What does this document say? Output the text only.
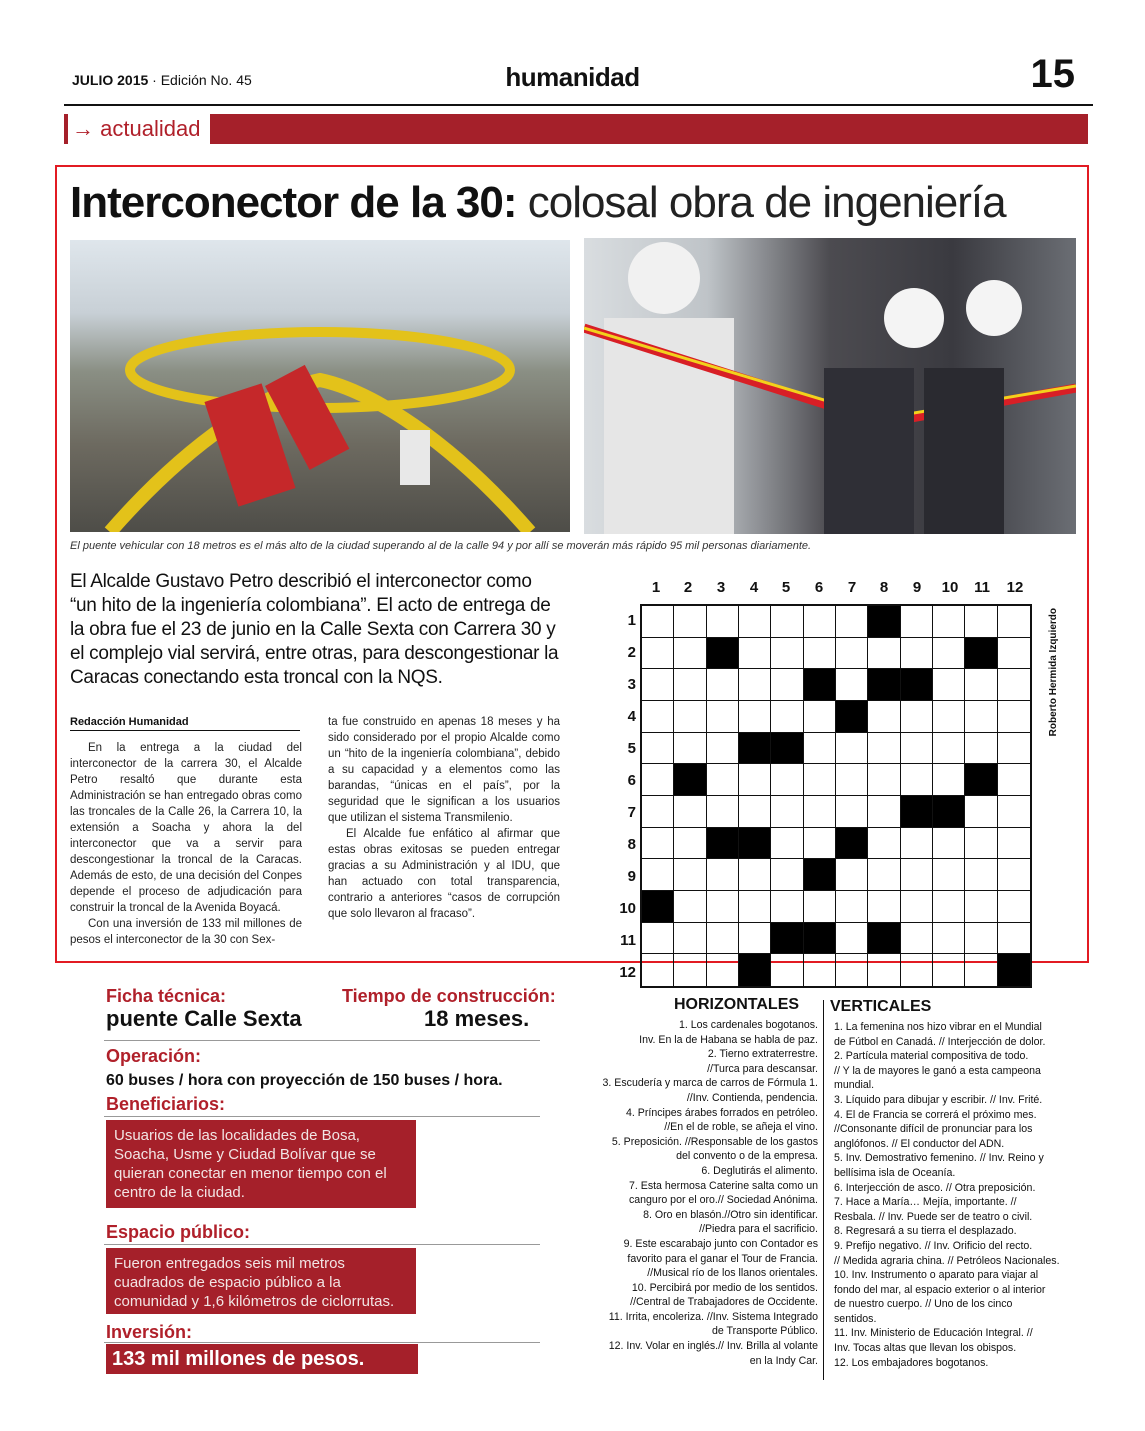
JULIO 2015 · Edición No. 45	humanidad	15
→ actualidad
Interconector de la 30: colosal obra de ingeniería
El puente vehicular con 18 metros es el más alto de la ciudad superando al de la calle 94 y por allí se moverán más rápido 95 mil personas diariamente.
El Alcalde Gustavo Petro describió el interconector como “un hito de la ingeniería colombiana”. El acto de entrega de la obra fue el 23 de junio en la Calle Sexta con Carrera 30 y el complejo vial servirá, entre otras, para descongestionar la Caracas conectando esta troncal con la NQS.
Redacción Humanidad

En la entrega a la ciudad del interconector de la carrera 30, el Alcalde Petro resaltó que durante esta Administración se han entregado obras como las troncales de la Calle 26, la Carrera 10, la extensión a Soacha y ahora la del interconector que va a servir para descongestionar la troncal de la Caracas. Además de esto, de una decisión del Conpes depende el proceso de adjudicación para construir la troncal de la Avenida Boyacá.

Con una inversión de 133 mil millones de pesos el interconector de la 30 con Sex-

ta fue construido en apenas 18 meses y ha sido considerado por el propio Alcalde como un “hito de la ingeniería colombiana”, debido a su capacidad y a elementos como las barandas, “únicas en el país”, por la seguridad que le significan a los usuarios que utilizan el sistema Transmilenio.

El Alcalde fue enfático al afirmar que estas obras exitosas se pueden entregar gracias a su Administración y al IDU, que han actuado con total transparencia, contrario a anteriores “casos de corrupción que solo llevaron al fracaso”.

1	2	3	4	5	6	7	8	9	10	11	12
1
2
3
4
5
6
7
8
9
10
11
12
Roberto Hermida Izquierdo
Ficha técnica:
puente Calle Sexta
Tiempo de construcción:
18 meses.
Operación:
60 buses / hora con proyección de 150 buses / hora.
Beneficiarios:
Usuarios de las localidades de Bosa, Soacha, Usme y Ciudad Bolívar que se quieran conectar en menor tiempo con el centro de la ciudad.
Espacio público:
Fueron entregados seis mil metros cuadrados de espacio público a la comunidad y 1,6 kilómetros de ciclorrutas.
Inversión:
133 mil millones de pesos.
HORIZONTALES VERTICALES
1. Los cardenales bogotanos.
Inv. En la de Habana se habla de paz.
2. Tierno extraterrestre.
//Turca para descansar.
3. Escudería y marca de carros de Fórmula 1.
//Inv. Contienda, pendencia.
4. Príncipes árabes forrados en petróleo.
//En el de roble, se añeja el vino.
5. Preposición. //Responsable de los gastos
del convento o de la empresa.
6. Deglutirás el alimento.
7. Esta hermosa Caterine salta como un
canguro por el oro.// Sociedad Anónima.
8. Oro en blasón.//Otro sin identificar.
//Piedra para el sacrificio.
9. Este escarabajo junto con Contador es
favorito para el ganar el Tour de Francia.
//Musical río de los llanos orientales.
10. Percibirá por medio de los sentidos.
//Central de Trabajadores de Occidente.
11. Irrita, encoleriza. //Inv. Sistema Integrado
de Transporte Público.
12. Inv. Volar en inglés.// Inv. Brilla al volante
en la Indy Car.
1. La femenina nos hizo vibrar en el Mundial
de Fútbol en Canadá. // Interjección de dolor.
2. Partícula material compositiva de todo.
// Y la de mayores le ganó a esta campeona
mundial.
3. Líquido para dibujar y escribir. // Inv. Frité.
4. El de Francia se correrá el próximo mes.
//Consonante difícil de pronunciar para los
anglófonos. // El conductor del ADN.
5. Inv. Demostrativo femenino. // Inv. Reino y
bellísima isla de Oceanía.
6. Interjección de asco. // Otra preposición.
7. Hace a María… Mejía, importante. //
Resbala. // Inv. Puede ser de teatro o civil.
8. Regresará a su tierra el desplazado.
9. Prefijo negativo. // Inv. Orificio del recto.
// Medida agraria china. // Petróleos Nacionales.
10. Inv. Instrumento o aparato para viajar al
fondo del mar, al espacio exterior o al interior
de nuestro cuerpo. // Uno de los cinco
sentidos.
11. Inv. Ministerio de Educación Integral. //
Inv. Tocas altas que llevan los obispos.
12. Los embajadores bogotanos.
